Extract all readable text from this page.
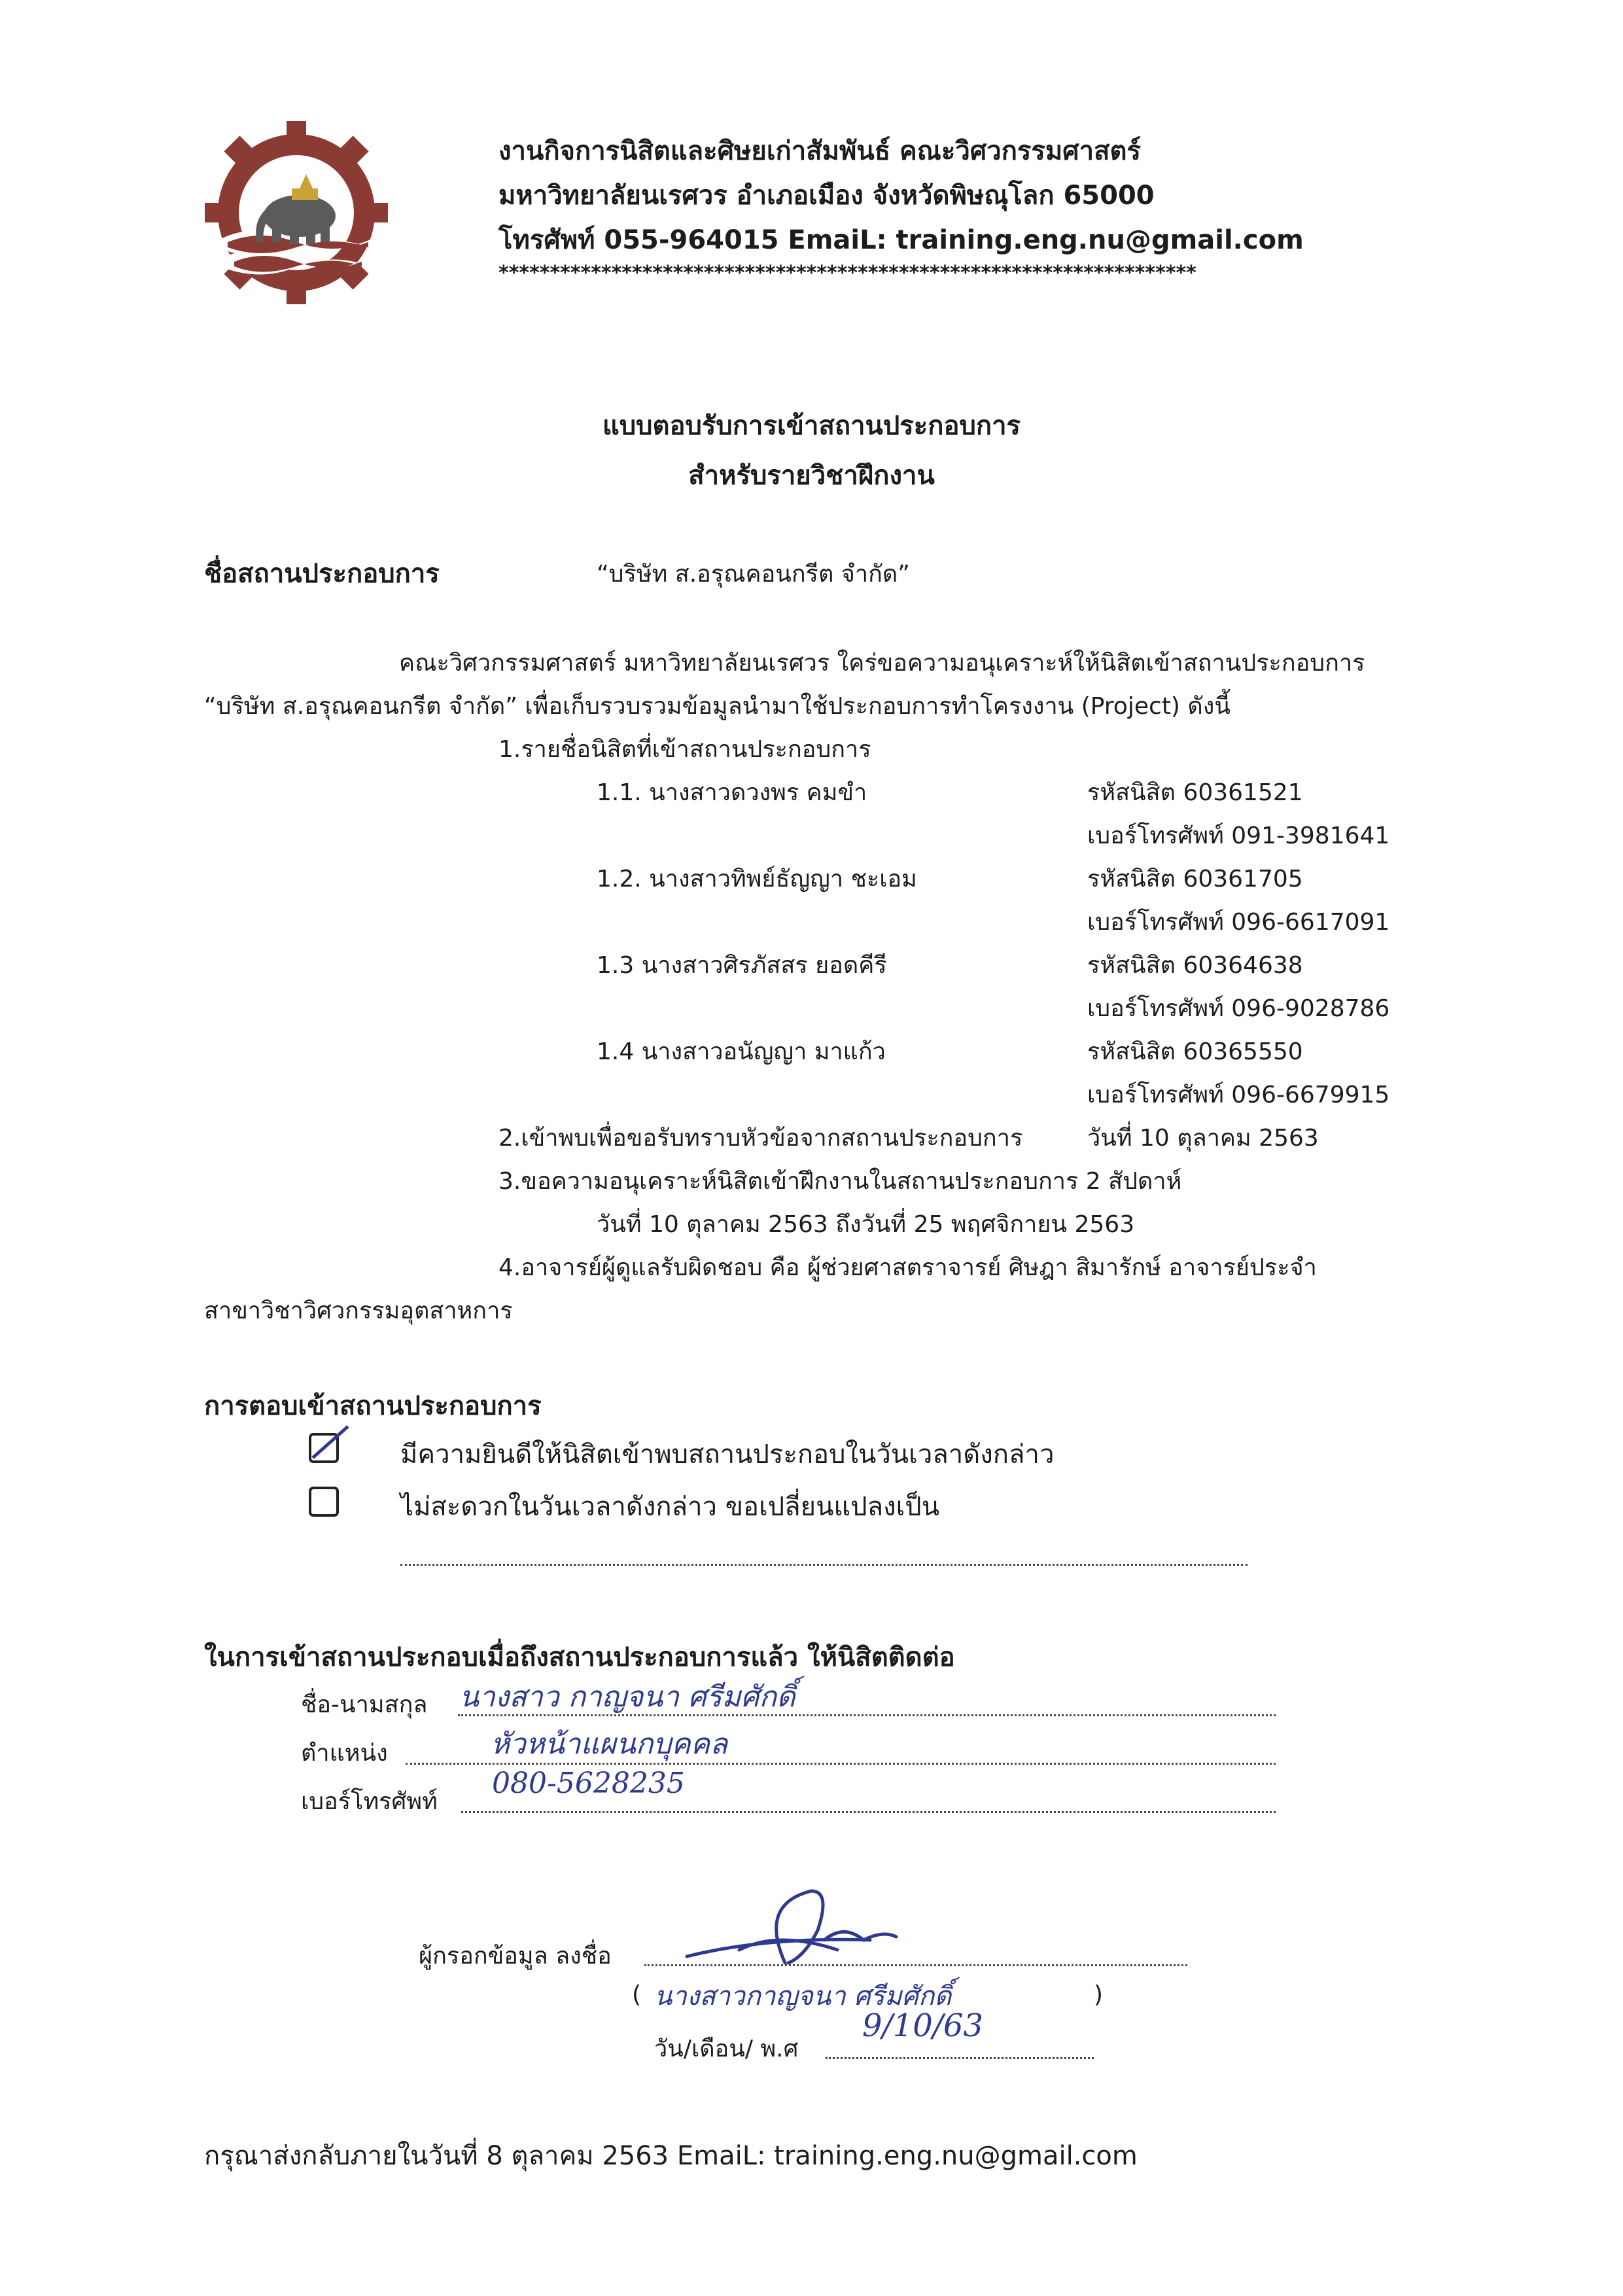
งานกิจการนิสิตและศิษยเก่าสัมพันธ์ คณะวิศวกรรมศาสตร์
มหาวิทยาลัยนเรศวร อำเภอเมือง จังหวัดพิษณุโลก 65000
โทรศัพท์ 055-964015 EmaiL: training.eng.nu@gmail.com
********************************************************************
แบบตอบรับการเข้าสถานประกอบการ
สำหรับรายวิชาฝึกงาน
ชื่อสถานประกอบการ	“บริษัท ส.อรุณคอนกรีต จำกัด”
คณะวิศวกรรมศาสตร์ มหาวิทยาลัยนเรศวร ใคร่ขอความอนุเคราะห์ให้นิสิตเข้าสถานประกอบการ
“บริษัท ส.อรุณคอนกรีต จำกัด” เพื่อเก็บรวบรวมข้อมูลนำมาใช้ประกอบการทำโครงงาน (Project) ดังนี้
1.รายชื่อนิสิตที่เข้าสถานประกอบการ
1.1. นางสาวดวงพร คมขำ	รหัสนิสิต 60361521
เบอร์โทรศัพท์ 091-3981641
1.2. นางสาวทิพย์ธัญญา ชะเอม	รหัสนิสิต 60361705
เบอร์โทรศัพท์ 096-6617091
1.3 นางสาวศิรภัสสร ยอดคีรี	รหัสนิสิต 60364638
เบอร์โทรศัพท์ 096-9028786
1.4 นางสาวอนัญญา มาแก้ว	รหัสนิสิต 60365550
เบอร์โทรศัพท์ 096-6679915
2.เข้าพบเพื่อขอรับทราบหัวข้อจากสถานประกอบการ	วันที่ 10 ตุลาคม 2563
3.ขอความอนุเคราะห์นิสิตเข้าฝึกงานในสถานประกอบการ 2 สัปดาห์
วันที่ 10 ตุลาคม 2563 ถึงวันที่ 25 พฤศจิกายน 2563
4.อาจารย์ผู้ดูแลรับผิดชอบ คือ ผู้ช่วยศาสตราจารย์ ศิษฎา สิมารักษ์ อาจารย์ประจำ
สาขาวิชาวิศวกรรมอุตสาหการ
การตอบเข้าสถานประกอบการ
มีความยินดีให้นิสิตเข้าพบสถานประกอบในวันเวลาดังกล่าว
ไม่สะดวกในวันเวลาดังกล่าว ขอเปลี่ยนแปลงเป็น
ในการเข้าสถานประกอบเมื่อถึงสถานประกอบการแล้ว ให้นิสิตติดต่อ
ชื่อ-นามสกุล นางสาว กาญจนา ศรีมศักดิ์
ตำแหน่ง	หัวหน้าแผนกบุคคล
เบอร์โทรศัพท์
080-5628235
ผู้กรอกข้อมูล ลงชื่อ
( นางสาวกาญจนา ศรีมศักดิ์	)
วัน/เดือน/ พ.ศ
9/10/63
กรุณาส่งกลับภายในวันที่ 8 ตุลาคม 2563 EmaiL: training.eng.nu@gmail.com
